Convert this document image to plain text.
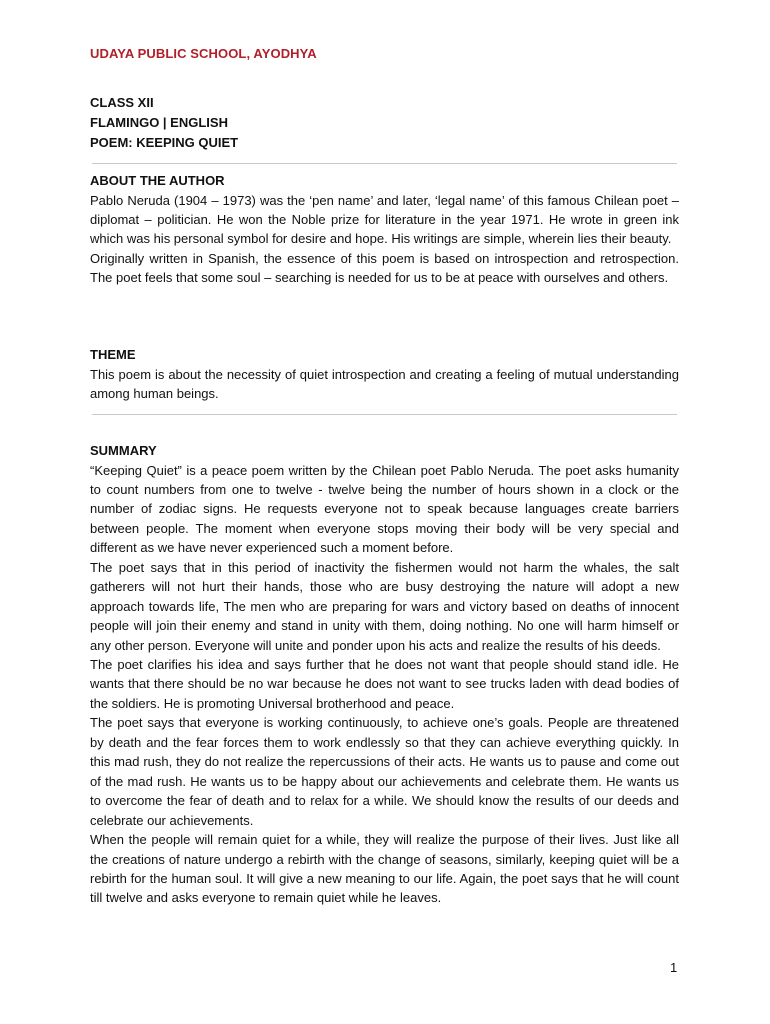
UDAYA PUBLIC SCHOOL, AYODHYA
CLASS XII
FLAMINGO | ENGLISH
POEM: KEEPING QUIET
ABOUT THE AUTHOR

Pablo Neruda (1904 – 1973) was the ‘pen name’ and later, ‘legal name’ of this famous Chilean poet – diplomat – politician. He won the Noble prize for literature in the year 1971. He wrote in green ink which was his personal symbol for desire and hope. His writings are simple, wherein lies their beauty.

Originally written in Spanish, the essence of this poem is based on introspection and retrospection. The poet feels that some soul – searching is needed for us to be at peace with ourselves and others.

THEME

This poem is about the necessity of quiet introspection and creating a feeling of mutual understanding among human beings.

SUMMARY

“Keeping Quiet” is a peace poem written by the Chilean poet Pablo Neruda. The poet asks humanity to count numbers from one to twelve - twelve being the number of hours shown in a clock or the number of zodiac signs. He requests everyone not to speak because languages create barriers between people. The moment when everyone stops moving their body will be very special and different as we have never experienced such a moment before.

The poet says that in this period of inactivity the fishermen would not harm the whales, the salt gatherers will not hurt their hands, those who are busy destroying the nature will adopt a new approach towards life, The men who are preparing for wars and victory based on deaths of innocent people will join their enemy and stand in unity with them, doing nothing. No one will harm himself or any other person. Everyone will unite and ponder upon his acts and realize the results of his deeds.

The poet clarifies his idea and says further that he does not want that people should stand idle. He wants that there should be no war because he does not want to see trucks laden with dead bodies of the soldiers. He is promoting Universal brotherhood and peace.

The poet says that everyone is working continuously, to achieve one’s goals. People are threatened by death and the fear forces them to work endlessly so that they can achieve everything quickly. In this mad rush, they do not realize the repercussions of their acts. He wants us to pause and come out of the mad rush. He wants us to be happy about our achievements and celebrate them. He wants us to overcome the fear of death and to relax for a while. We should know the results of our deeds and celebrate our achievements.

When the people will remain quiet for a while, they will realize the purpose of their lives. Just like all the creations of nature undergo a rebirth with the change of seasons, similarly, keeping quiet will be a rebirth for the human soul. It will give a new meaning to our life. Again, the poet says that he will count till twelve and asks everyone to remain quiet while he leaves.

1
